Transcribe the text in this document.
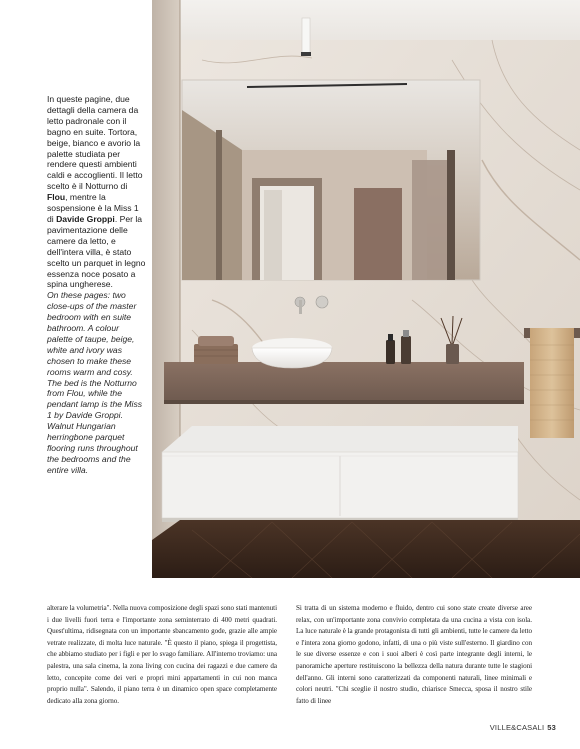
In queste pagine, due dettagli della camera da letto padronale con il bagno en suite. Tortora, beige, bianco e avorio la palette studiata per rendere questi ambienti caldi e accoglienti. Il letto scelto è il Notturno di Flou, mentre la sospensione è la Miss 1 di Davide Groppi. Per la pavimentazione delle camere da letto, e dell'intera villa, è stato scelto un parquet in legno essenza noce posato a spina ungherese.

On these pages: two close-ups of the master bedroom with en suite bathroom. A colour palette of taupe, beige, white and ivory was chosen to make these rooms warm and cosy. The bed is the Notturno from Flou, while the pendant lamp is the Miss 1 by Davide Groppi. Walnut Hungarian herringbone parquet flooring runs throughout the bedrooms and the entire villa.

alterare la volumetria". Nella nuova composizione degli spazi sono stati mantenuti i due livelli fuori terra e l'importante zona seminterrato di 400 metri quadrati. Quest'ultima, ridisegnata con un importante sbancamento gode, grazie alle ampie vetrate realizzate, di molta luce naturale. "È questo il piano, spiega il progettista, che abbiamo studiato per i figli e per lo svago familiare. All'interno troviamo: una palestra, una sala cinema, la zona living con cucina dei ragazzi e due camere da letto, concepite come dei veri e propri mini appartamenti in cui non manca proprio nulla". Salendo, il piano terra è un dinamico open space completamente dedicato alla zona giorno.
Si tratta di un sistema moderno e fluido, dentro cui sono state create diverse aree relax, con un'importante zona convivio completata da una cucina a vista con isola. La luce naturale è la grande protagonista di tutti gli ambienti, tutte le camere da letto e l'intera zona giorno godono, infatti, di una o più viste sull'esterno. Il giardino con le sue diverse essenze e con i suoi alberi è così parte integrante degli interni, le panoramiche aperture restituiscono la bellezza della natura durante tutte le stagioni dell'anno. Gli interni sono caratterizzati da componenti naturali, linee minimali e colori neutri. "Chi sceglie il nostro studio, chiarisce Smecca, sposa il nostro stile fatto di linee
VILLE&CASALI 53
